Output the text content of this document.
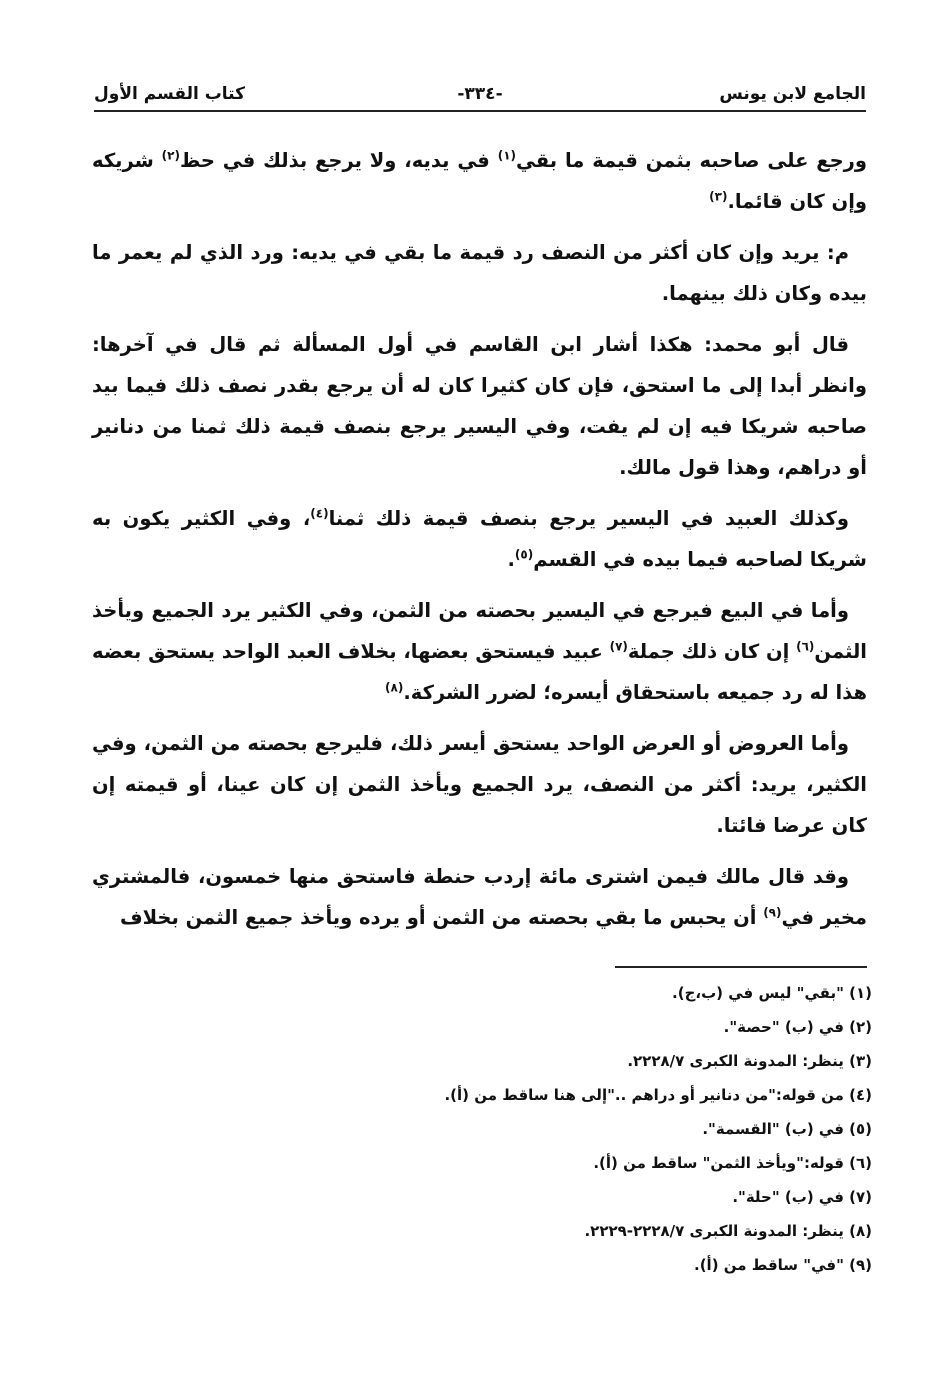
الجامع لابن يونس
-٣٣٤-
كتاب القسم الأول

ورجع على صاحبه بثمن قيمة ما بقي$^{(١)}$ في يديه، ولا يرجع بذلك في حظ$^{(٢)}$ شريكه وإن كان قائما.$^{(٣)}$

م: يريد وإن كان أكثر من النصف رد قيمة ما بقي في يديه: ورد الذي لم يعمر ما بيده وكان ذلك بينهما.

قال أبو محمد: هكذا أشار ابن القاسم في أول المسألة ثم قال في آخرها: وانظر أبدا إلى ما استحق، فإن كان كثيرا كان له أن يرجع بقدر نصف ذلك فيما بيد صاحبه شريكا فيه إن لم يفت، وفي اليسير يرجع بنصف قيمة ذلك ثمنا من دنانير أو دراهم، وهذا قول مالك.

وكذلك العبيد في اليسير يرجع بنصف قيمة ذلك ثمنا$^{(٤)}$، وفي الكثير يكون به شريكا لصاحبه فيما بيده في القسم$^{(٥)}$.

وأما في البيع فيرجع في اليسير بحصته من الثمن، وفي الكثير يرد الجميع ويأخذ الثمن$^{(٦)}$ إن كان ذلك جملة$^{(٧)}$ عبيد فيستحق بعضها، بخلاف العبد الواحد يستحق بعضه هذا له رد جميعه باستحقاق أيسره؛ لضرر الشركة.$^{(٨)}$

وأما العروض أو العرض الواحد يستحق أيسر ذلك، فليرجع بحصته من الثمن، وفي الكثير، يريد: أكثر من النصف، يرد الجميع ويأخذ الثمن إن كان عينا، أو قيمته إن كان عرضا فائتا.

وقد قال مالك فيمن اشترى مائة إردب حنطة فاستحق منها خمسون، فالمشتري مخير في$^{(٩)}$ أن يحبس ما بقي بحصته من الثمن أو يرده ويأخذ جميع الثمن بخلاف

(١) "بقي" ليس في (ب،ج).
(٢) في (ب) "حصة".
(٣) ينظر: المدونة الكبرى ٢٢٢٨/٧.
(٤) من قوله:"من دنانير أو دراهم .."إلى هنا ساقط من (أ).
(٥) في (ب) "القسمة".
(٦) قوله:"ويأخذ الثمن" ساقط من (أ).
(٧) في (ب) "حلة".
(٨) ينظر: المدونة الكبرى ٢٢٢٨/٧-٢٢٢٩.
(٩) "في" ساقط من (أ).
